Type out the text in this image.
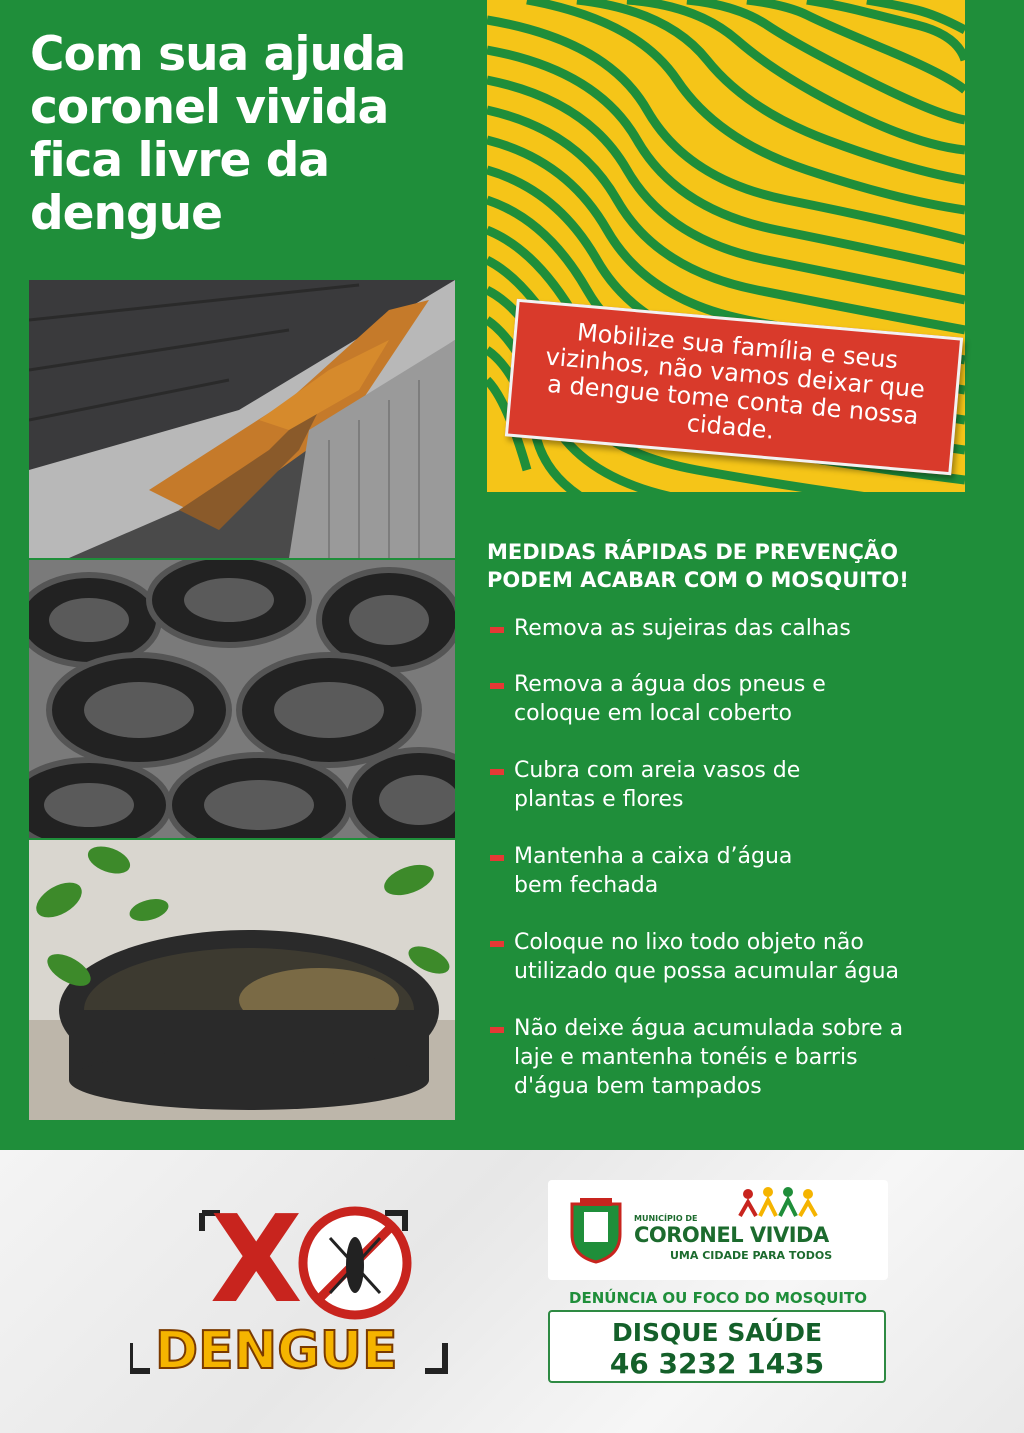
Com sua ajuda coronel vivida fica livre da dengue
Mobilize sua família e seus vizinhos, não vamos deixar que a dengue tome conta de nossa cidade.
MEDIDAS RÁPIDAS DE PREVENÇÃO
PODEM ACABAR COM O MOSQUITO!
Remova as sujeiras das calhas
Remova a água dos pneus e
coloque em local coberto
Cubra com areia vasos de
plantas e flores
Mantenha a caixa d’água
bem fechada
Coloque no lixo todo objeto não
utilizado que possa acumular água
Não deixe água acumulada sobre a
laje e mantenha tonéis e barris
d'água bem tampados
X
DENGUE
MUNICÍPIO DE
CORONEL VIVIDA
UMA CIDADE PARA TODOS
DENÚNCIA OU FOCO DO MOSQUITO
DISQUE SAÚDE
46 3232 1435
